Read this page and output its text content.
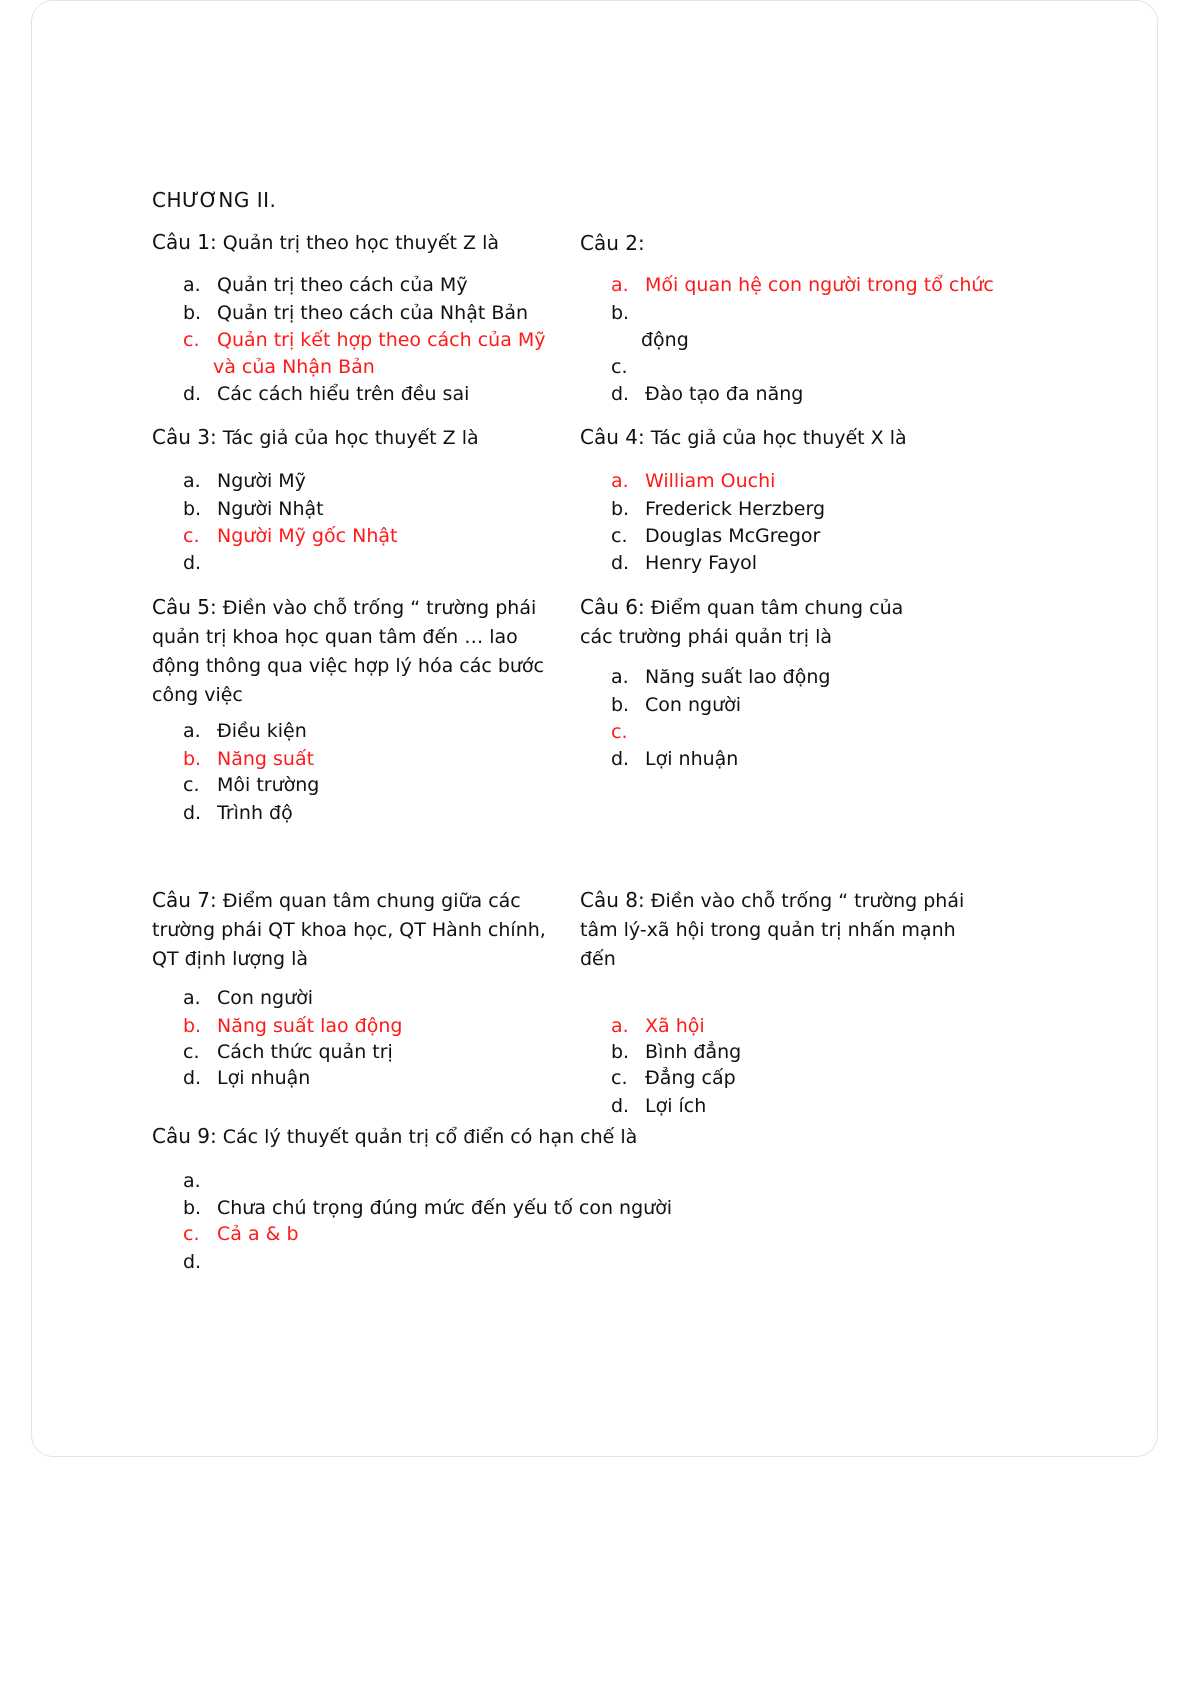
CHƯƠNG II.
Câu 1: Quản trị theo học thuyết Z là
a. Quản trị theo cách của Mỹ
b. Quản trị theo cách của Nhật Bản
c. Quản trị kết hợp theo cách của Mỹ
và của Nhận Bản
d. Các cách hiểu trên đều sai
Câu 2:
a. Mối quan hệ con người trong tổ chức
b.
động
c.
d. Đào tạo đa năng
Câu 3: Tác giả của học thuyết Z là
a. Người Mỹ
b. Người Nhật
c. Người Mỹ gốc Nhật
d.
Câu 4: Tác giả của học thuyết X là
a. William Ouchi
b. Frederick Herzberg
c. Douglas McGregor
d. Henry Fayol
Câu 5: Điền vào chỗ trống “ trường phái quản trị khoa học quan tâm đến … lao động thông qua việc hợp lý hóa các bước công việc
a. Điều kiện
b. Năng suất
c. Môi trường
d. Trình độ
Câu 6: Điểm quan tâm chung của các trường phái quản trị là
a. Năng suất lao động
b. Con người
c.
d. Lợi nhuận
Câu 7: Điểm quan tâm chung giữa các trường phái QT khoa học, QT Hành chính, QT định lượng là
a. Con người
b. Năng suất lao động
c. Cách thức quản trị
d. Lợi nhuận
Câu 8: Điền vào chỗ trống “ trường phái tâm lý-xã hội trong quản trị nhấn mạnh đến
a. Xã hội
b. Bình đẳng
c. Đẳng cấp
d. Lợi ích
Câu 9: Các lý thuyết quản trị cổ điển có hạn chế là
a.
b. Chưa chú trọng đúng mức đến yếu tố con người
c. Cả a & b
d.
